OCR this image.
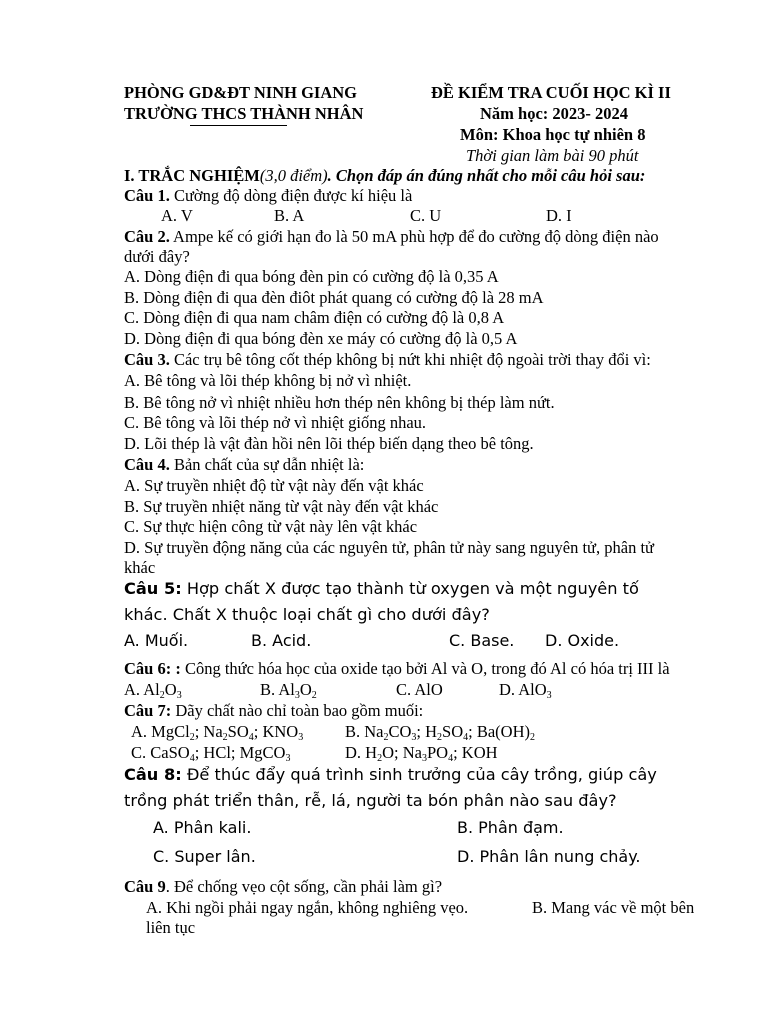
PHÒNG GD&ĐT NINH GIANG
TRƯỜNG THCS THÀNH NHÂN
ĐỀ KIỂM TRA CUỐI HỌC KÌ II
Năm học: 2023- 2024
Môn: Khoa học tự nhiên 8
Thời gian làm bài 90 phút
I. TRẮC NGHIỆM(3,0 điểm). Chọn đáp án đúng nhất cho mỗi câu hỏi sau:
Câu 1. Cường độ dòng điện được kí hiệu là
A. V	B. A	C. U	D. I
Câu 2. Ampe kế có giới hạn đo là 50 mA phù hợp để đo cường độ dòng điện nào
dưới đây?
A. Dòng điện đi qua bóng đèn pin có cường độ là 0,35 A
B. Dòng điện đi qua đèn điôt phát quang có cường độ là 28 mA
C. Dòng điện đi qua nam châm điện có cường độ là 0,8 A
D. Dòng điện đi qua bóng đèn xe máy có cường độ là 0,5 A
Câu 3. Các trụ bê tông cốt thép không bị nứt khi nhiệt độ ngoài trời thay đổi vì:
A. Bê tông và lõi thép không bị nở vì nhiệt.
B. Bê tông nở vì nhiệt nhiều hơn thép nên không bị thép làm nứt.
C. Bê tông và lõi thép nở vì nhiệt giống nhau.
D. Lõi thép là vật đàn hồi nên lõi thép biến dạng theo bê tông.
Câu 4. Bản chất của sự dẫn nhiệt là:
A. Sự truyền nhiệt độ từ vật này đến vật khác
B. Sự truyền nhiệt năng từ vật này đến vật khác
C. Sự thực hiện công từ vật này lên vật khác
D. Sự truyền động năng của các nguyên tử, phân tử này sang nguyên tử, phân tử
khác
Câu 5: Hợp chất X được tạo thành từ oxygen và một nguyên tố
khác. Chất X thuộc loại chất gì cho dưới đây?
A. Muối.	B. Acid.	C. Base. D. Oxide.
Câu 6: : Công thức hóa học của oxide tạo bởi Al và O, trong đó Al có hóa trị III là
A. $Al_2O_3$	B. $Al_3O_2$	C. AlO	D. AlO$_3$
Câu 7: Dãy chất nào chỉ toàn bao gồm muối:
A. MgCl$_2$; $Na_2SO_4$; $KNO_3$	B. $Na_2CO_3$; $H_2SO_4$; $Ba(OH)_2$
C. CaSO$_4$; HCl; MgCO$_3$	D. $H_2O$; $Na_3PO_4$; KOH
Câu 8: Để thúc đẩy quá trình sinh trưởng của cây trồng, giúp cây
trồng phát triển thân, rễ, lá, người ta bón phân nào sau đây?
A. Phân kali.	B. Phân đạm.
C. Super lân.	D. Phân lân nung chảy.
Câu 9. Để chống vẹo cột sống, cần phải làm gì?
A. Khi ngồi phải ngay ngắn, không nghiêng vẹo.	B. Mang vác về một bên
liên tục
